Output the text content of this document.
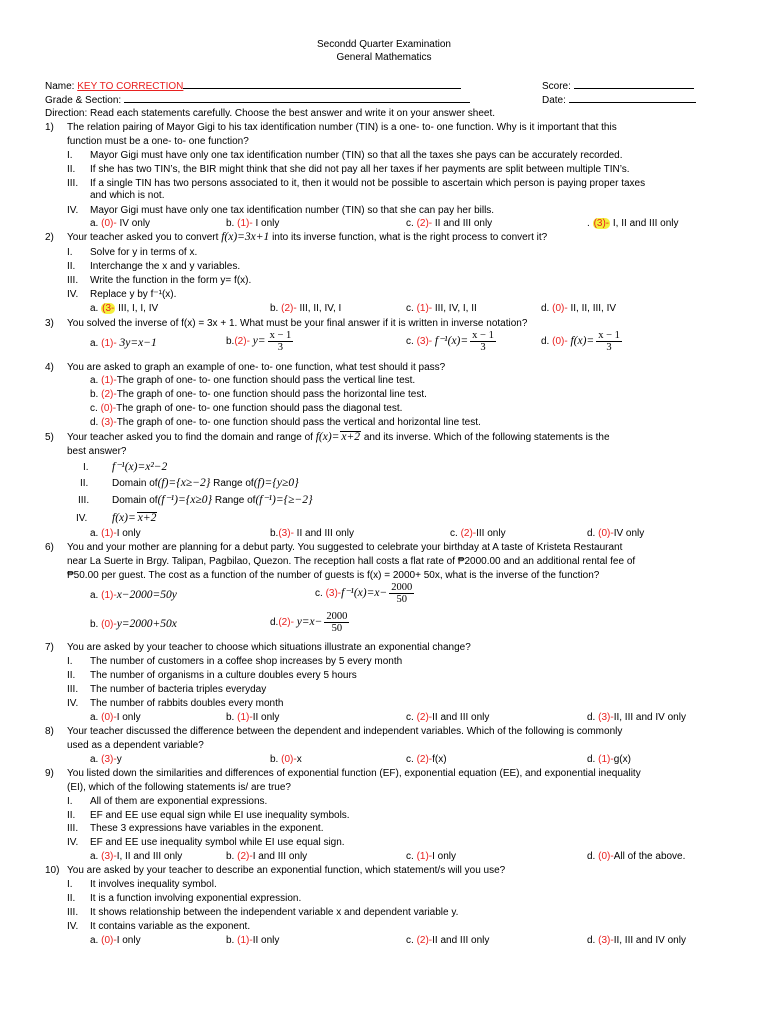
Secondd Quarter Examination
General Mathematics
Name: KEY TO CORRECTION	Score:
Grade & Section:	Date:
Direction: Read each statements carefully. Choose the best answer and write it on your answer sheet.
1) The relation pairing of Mayor Gigi to his tax identification number (TIN) is a one- to- one function. Why is it important that this
function must be a one- to- one function?
I. Mayor Gigi must have only one tax identification number (TIN) so that all the taxes she pays can be accurately recorded.
II. If she has two TIN’s, the BIR might think that she did not pay all her taxes if her payments are split between multiple TIN’s.
III. If a single TIN has two persons associated to it, then it would not be possible to ascertain which person is paying proper taxes
and which is not.
IV. Mayor Gigi must have only one tax identification number (TIN) so that she can pay her bills.
a. (0)- IV only	b. (1)- I only	c. (2)- II and III only	. (3)- I, II and III only
2) Your teacher asked you to convert f(x)=3x+1 into its inverse function, what is the right process to convert it?
I. Solve for y in terms of x.
II. Interchange the x and y variables.
III. Write the function in the form y= f(x).
IV. Replace y by f⁻¹(x).
a. (3- III, I, I, IV	b. (2)- III, II, IV, I	c. (1)- III, IV, I, II	d. (0)- II, II, III, IV
3) You solved the inverse of f(x) = 3x + 1. What must be your final answer if it is written in inverse notation?
a. (1)- 3y=x−1	b.(2)- $y= \frac{x - 1}{3}$	c. (3)- $f^{-1}(x)= \frac{x - 1}{3}$	d. (0)- $f(x)= \frac{x - 1}{3}$
4) You are asked to graph an example of one- to- one function, what test should it pass?
a. (1)-The graph of one- to- one function should pass the vertical line test.
b. (2)-The graph of one- to- one function should pass the horizontal line test.
c. (0)-The graph of one- to- one function should pass the diagonal test.
d. (3)-The graph of one- to- one function should pass the vertical and horizontal line test.
5) Your teacher asked you to find the domain and range of f(x)= x+2 and its inverse. Which of the following statements is the
best answer?
I. f⁻¹(x)=x²−2
II. Domain of(f)={x≥−2} Range of(f)={y≥0}
III. Domain of(f⁻¹)={x≥0} Range of(f⁻¹)={≥−2}
IV. f(x)= x+2
a. (1)-I only	b.(3)- II and III only	c. (2)-III only	d. (0)-IV only
6) You and your mother are planning for a debut party. You suggested to celebrate your birthday at A taste of Kristeta Restaurant
near La Suerte in Brgy. Talipan, Pagbilao, Quezon. The reception hall costs a flat rate of ₱2000.00 and an additional rental fee of
₱50.00 per guest. The cost as a function of the number of guests is f(x) = 2000+ 50x, what is the inverse of the function?
a. (1)-x−2000=50y	c. $(3)-f^{-1}(x)=x- \frac{2000}{50}$
b. (0)-y=2000+50x	d.(2)- $y=x- \frac{2000}{50}$
7) You are asked by your teacher to choose which situations illustrate an exponential change?
I. The number of customers in a coffee shop increases by 5 every month
II. The number of organisms in a culture doubles every 5 hours
III. The number of bacteria triples everyday
IV. The number of rabbits doubles every month
a. (0)-I only	b. (1)-II only	c. (2)-II and III only	d. (3)-II, III and IV only
8) Your teacher discussed the difference between the dependent and independent variables. Which of the following is commonly
used as a dependent variable?
a. (3)-y	b. (0)-x	c. (2)-f(x)	d. (1)-g(x)
9) You listed down the similarities and differences of exponential function (EF), exponential equation (EE), and exponential inequality
(EI), which of the following statements is/ are true?
I. All of them are exponential expressions.
II. EF and EE use equal sign while EI use inequality symbols.
III. These 3 expressions have variables in the exponent.
IV. EF and EE use inequality symbol while EI use equal sign.
a. (3)-I, II and III only	b. (2)-I and III only	c. (1)-I only	d. (0)-All of the above.
10) You are asked by your teacher to describe an exponential function, which statement/s will you use?
I. It involves inequality symbol.
II. It is a function involving exponential expression.
III. It shows relationship between the independent variable x and dependent variable y.
IV. It contains variable as the exponent.
a. (0)-I only	b. (1)-II only	c. (2)-II and III only	d. (3)-II, III and IV only
